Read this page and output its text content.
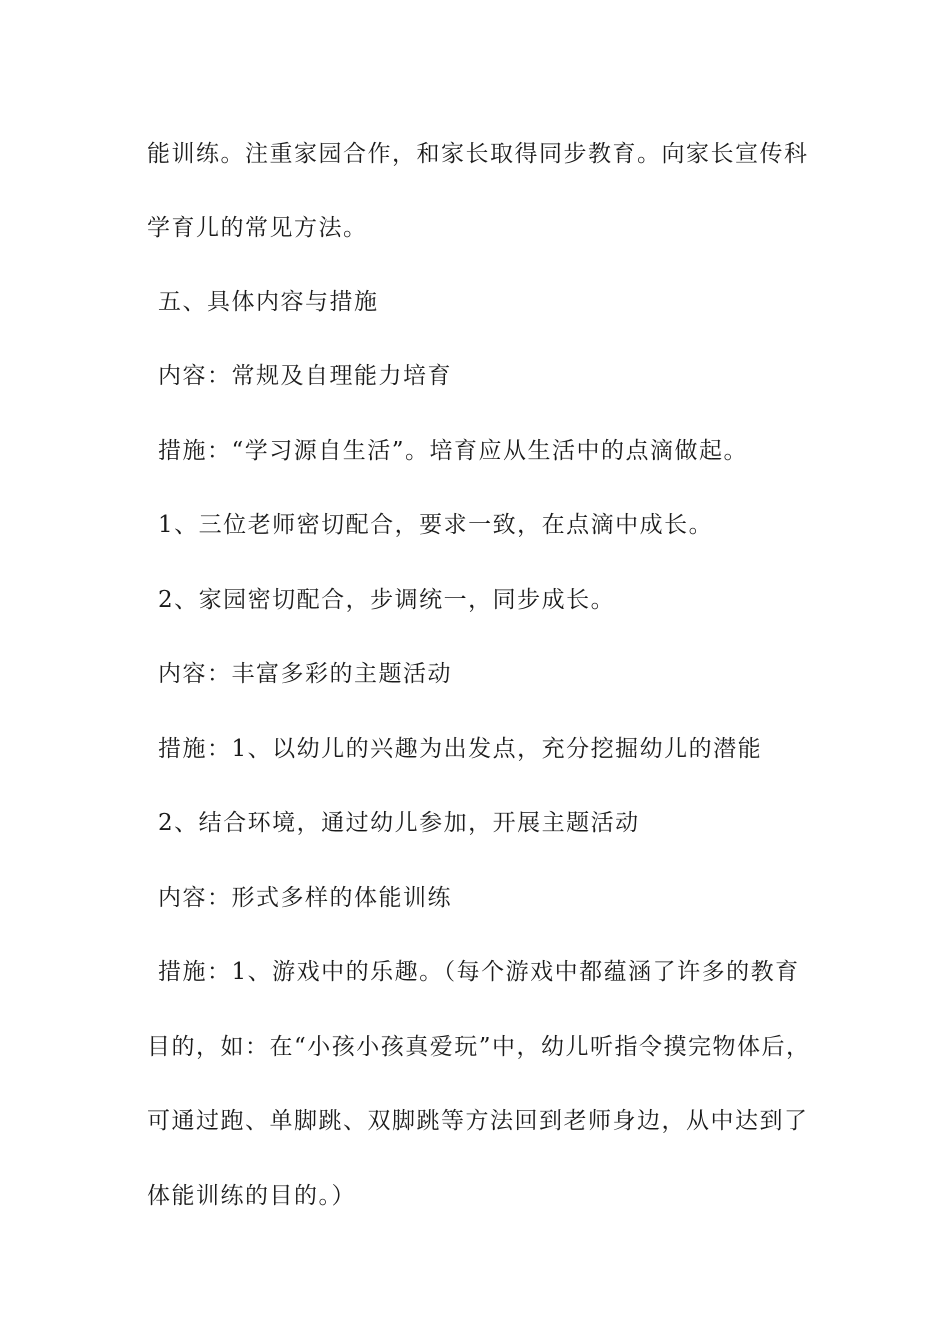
能训练。注重家园合作，和家长取得同步教育。向家长宣传科
学育儿的常见方法。
五、具体内容与措施
内容：常规及自理能力培育
措施：“学习源自生活”。培育应从生活中的点滴做起。
1、三位老师密切配合，要求一致，在点滴中成长。
2、家园密切配合，步调统一，同步成长。
内容：丰富多彩的主题活动
措施：1、以幼儿的兴趣为出发点，充分挖掘幼儿的潜能
2、结合环境，通过幼儿参加，开展主题活动
内容：形式多样的体能训练
措施：1、游戏中的乐趣。（每个游戏中都蕴涵了许多的教育
目的，如：在“小孩小孩真爱玩”中，幼儿听指令摸完物体后，
可通过跑、单脚跳、双脚跳等方法回到老师身边，从中达到了
体能训练的目的。）
